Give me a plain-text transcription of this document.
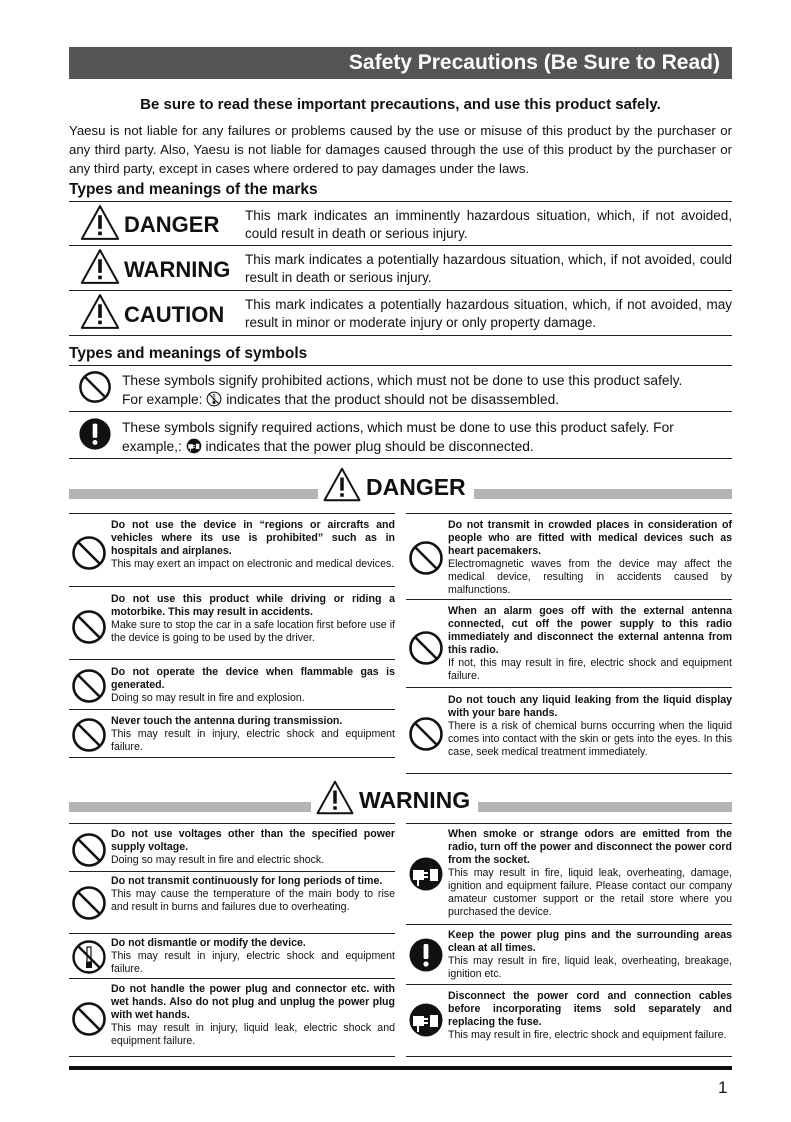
Safety Precautions (Be Sure to Read)
Be sure to read these important precautions, and use this product safely.
Yaesu is not liable for any failures or problems caused by the use or misuse of this product by the purchaser or any third party. Also, Yaesu is not liable for damages caused through the use of this product by the purchaser or any third party, except in cases where ordered to pay damages under the laws.
Types and meanings of the marks
DANGER This mark indicates an imminently hazardous situation, which, if not avoided, could result in death or serious injury.
WARNING This mark indicates a potentially hazardous situation, which, if not avoided, could result in death or serious injury.
CAUTION This mark indicates a potentially hazardous situation, which, if not avoided, may result in minor or moderate injury or only property damage.
Types and meanings of symbols
These symbols signify prohibited actions, which must not be done to use this product safely.
For example: indicates that the product should not be disassembled.
These symbols signify required actions, which must be done to use this product safely. For
example,: indicates that the power plug should be disconnected.
DANGER
Do not use the device in “regions or aircrafts and vehicles where its use is prohibited” such as in hospitals and airplanes.
This may exert an impact on electronic and medical devices.
Do not use this product while driving or riding a motorbike. This may result in accidents.
Make sure to stop the car in a safe location first before use if the device is going to be used by the driver.
Do not operate the device when flammable gas is generated.
Doing so may result in fire and explosion.
Never touch the antenna during transmission.
This may result in injury, electric shock and equipment failure.
Do not transmit in crowded places in consideration of people who are fitted with medical devices such as heart pacemakers.
Electromagnetic waves from the device may affect the medical device, resulting in accidents caused by malfunctions.
When an alarm goes off with the external antenna connected, cut off the power supply to this radio immediately and disconnect the external antenna from this radio.
If not, this may result in fire, electric shock and equipment failure.
Do not touch any liquid leaking from the liquid display with your bare hands.
There is a risk of chemical burns occurring when the liquid comes into contact with the skin or gets into the eyes. In this case, seek medical treatment immediately.
WARNING
Do not use voltages other than the specified power supply voltage.
Doing so may result in fire and electric shock.
Do not transmit continuously for long periods of time.
This may cause the temperature of the main body to rise and result in burns and failures due to overheating.
Do not dismantle or modify the device.
This may result in injury, electric shock and equipment failure.
Do not handle the power plug and connector etc. with wet hands. Also do not plug and unplug the power plug with wet hands.
This may result in injury, liquid leak, electric shock and equipment failure.
When smoke or strange odors are emitted from the radio, turn off the power and disconnect the power cord from the socket.
This may result in fire, liquid leak, overheating, damage, ignition and equipment failure. Please contact our company amateur customer support or the retail store where you purchased the device.
Keep the power plug pins and the surrounding areas clean at all times.
This may result in fire, liquid leak, overheating, breakage, ignition etc.
Disconnect the power cord and connection cables before incorporating items sold separately and replacing the fuse.
This may result in fire, electric shock and equipment failure.
1
